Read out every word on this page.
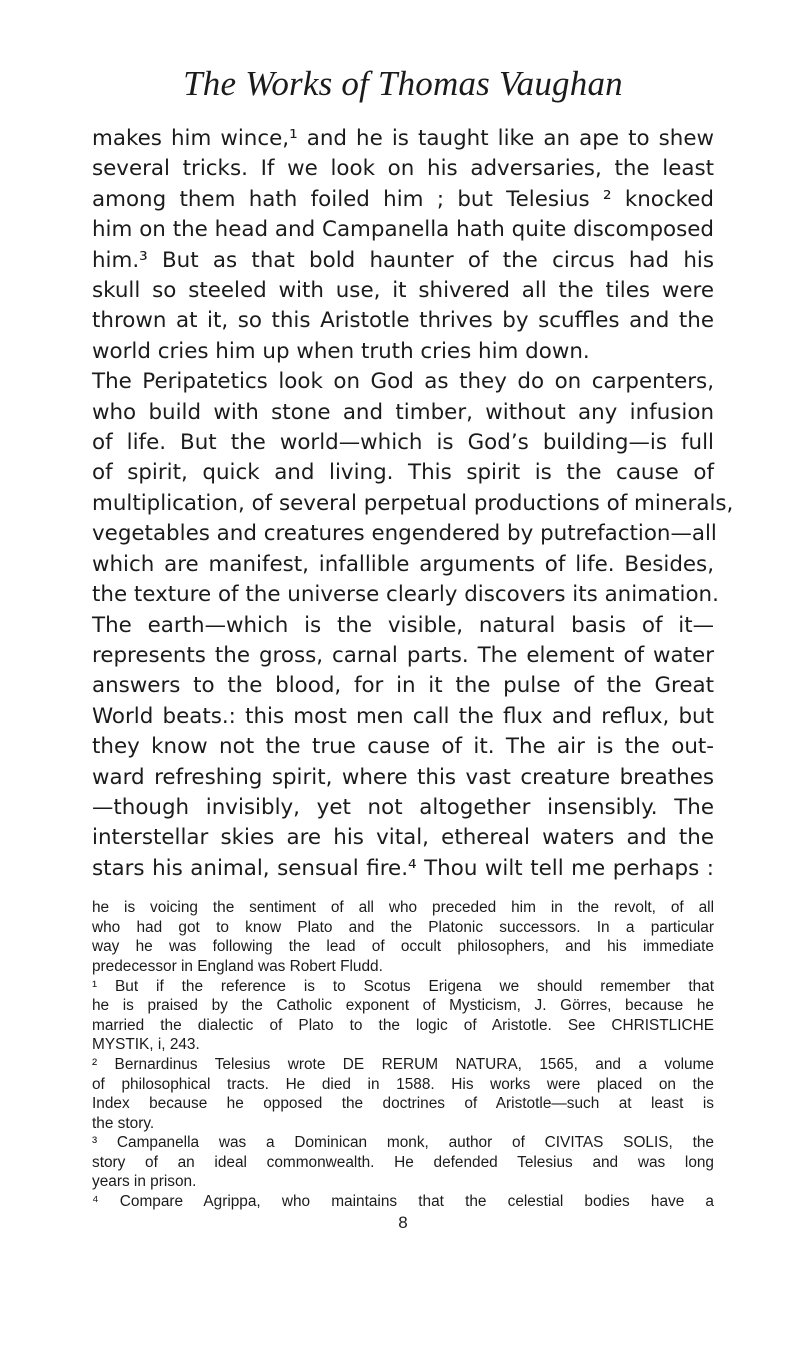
The Works of Thomas Vaughan
makes him wince,¹ and he is taught like an ape to shew
several tricks. If we look on his adversaries, the least
among them hath foiled him ; but Telesius ² knocked
him on the head and Campanella hath quite discomposed
him.³ But as that bold haunter of the circus had his
skull so steeled with use, it shivered all the tiles were
thrown at it, so this Aristotle thrives by scuffles and the
world cries him up when truth cries him down.
The Peripatetics look on God as they do on carpenters,
who build with stone and timber, without any infusion
of life. But the world—which is God’s building—is full
of spirit, quick and living. This spirit is the cause of
multiplication, of several perpetual productions of minerals,
vegetables and creatures engendered by putrefaction—all
which are manifest, infallible arguments of life. Besides,
the texture of the universe clearly discovers its animation.
The earth—which is the visible, natural basis of it—
represents the gross, carnal parts. The element of water
answers to the blood, for in it the pulse of the Great
World beats.: this most men call the flux and reflux, but
they know not the true cause of it. The air is the out-
ward refreshing spirit, where this vast creature breathes
—though invisibly, yet not altogether insensibly. The
interstellar skies are his vital, ethereal waters and the
stars his animal, sensual fire.⁴ Thou wilt tell me perhaps :
he is voicing the sentiment of all who preceded him in the revolt, of all
who had got to know Plato and the Platonic successors. In a particular
way he was following the lead of occult philosophers, and his immediate
predecessor in England was Robert Fludd.
¹ But if the reference is to Scotus Erigena we should remember that
he is praised by the Catholic exponent of Mysticism, J. Görres, because he
married the dialectic of Plato to the logic of Aristotle. See CHRISTLICHE
MYSTIK, i, 243.
² Bernardinus Telesius wrote DE RERUM NATURA, 1565, and a volume
of philosophical tracts. He died in 1588. His works were placed on the
Index because he opposed the doctrines of Aristotle—such at least is
the story.
³ Campanella was a Dominican monk, author of CIVITAS SOLIS, the
story of an ideal commonwealth. He defended Telesius and was long
years in prison.
⁴ Compare Agrippa, who maintains that the celestial bodies have a
8
